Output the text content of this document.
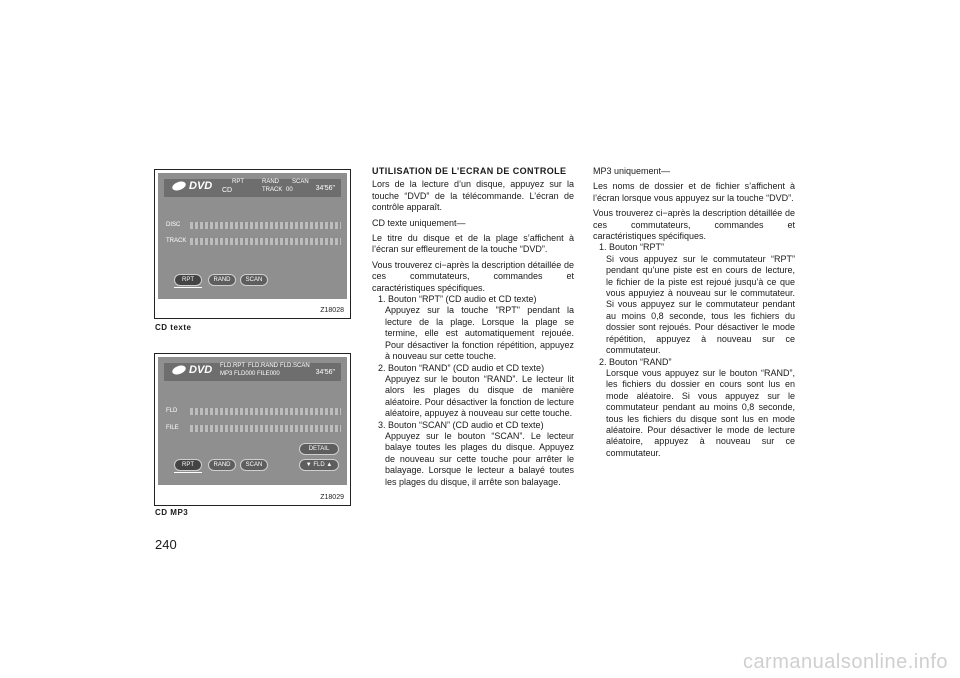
DVD	RPT	RAND SCAN
CD	TRACK 00	34'56"
DISC
TRACK
RPT	RAND	SCAN
Z18028
CD texte
DVD FLD.RPT FLD.RAND FLD.SCAN
MP3 FLD000 FILE000	34'56"
FLD
FILE
DETAIL
RPT	RAND	SCAN	▼ FLD ▲
Z18029
CD MP3
240

UTILISATION DE L’ECRAN DE CONTROLE

Lors de la lecture d’un disque, appuyez sur la touche “DVD” de la télécommande. L’écran de contrôle apparaît.

CD texte uniquement—

Le titre du disque et de la plage s’affichent à l’écran sur effleurement de la touche “DVD”.

Vous trouverez ci−après la description détaillée de ces commutateurs, commandes et caractéristiques spécifiques.

1. Bouton “RPT” (CD audio et CD texte)

Appuyez sur la touche "RPT" pendant la lecture de la plage. Lorsque la plage se termine, elle est automatiquement rejouée. Pour désactiver la fonction répétition, appuyez à nouveau sur cette touche.

2. Bouton “RAND” (CD audio et CD texte)

Appuyez sur le bouton “RAND”. Le lecteur lit alors les plages du disque de manière aléatoire. Pour désactiver la fonction de lecture aléatoire, appuyez à nouveau sur cette touche.

3. Bouton “SCAN” (CD audio et CD texte)

Appuyez sur le bouton “SCAN”. Le lecteur balaye toutes les plages du disque. Appuyez de nouveau sur cette touche pour arrêter le balayage. Lorsque le lecteur a balayé toutes les plages du disque, il arrête son balayage.

MP3 uniquement—

Les noms de dossier et de fichier s’affichent à l’écran lorsque vous appuyez sur la touche “DVD”.

Vous trouverez ci−après la description détaillée de ces commutateurs, commandes et caractéristiques spécifiques.

1. Bouton “RPT”

Si vous appuyez sur le commutateur “RPT” pendant qu’une piste est en cours de lecture, le fichier de la piste est rejoué jusqu’à ce que vous appuyiez à nouveau sur le commutateur. Si vous appuyez sur le commutateur pendant au moins 0,8 seconde, tous les fichiers du dossier sont rejoués. Pour désactiver le mode répétition, appuyez à nouveau sur ce commutateur.

2. Bouton “RAND”

Lorsque vous appuyez sur le bouton “RAND”, les fichiers du dossier en cours sont lus en mode aléatoire. Si vous appuyez sur le commutateur pendant au moins 0,8 seconde, tous les fichiers du disque sont lus en mode aléatoire. Pour désactiver le mode de lecture aléatoire, appuyez à nouveau sur ce commutateur.

carmanualsonline.info
